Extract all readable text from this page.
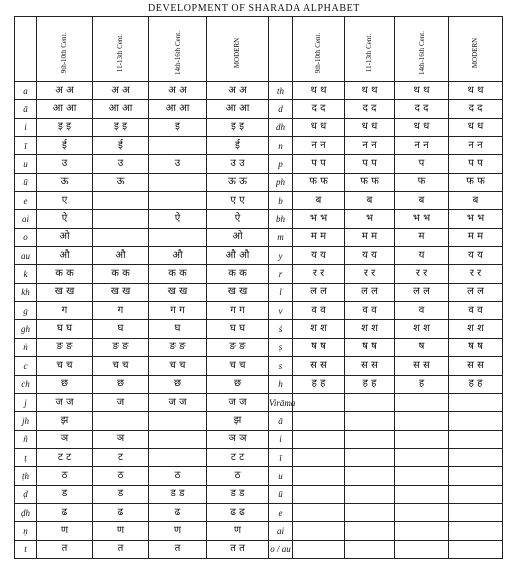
DEVELOPMENT OF SHARADA ALPHABET
	9th-10th Cent.	11-13th Cent.	14th-16th Cent.	MODERN		9th-10th Cent.	11-13th Cent.	14th-16th Cent.	MODERN
a	अ अ	अ अ	अ अ	अ अ	th	थ थ	थ थ	थ थ	थ थ
ā	आ आ	आ आ	आ आ	आ आ	d	द द	द द	द द	द द
i	इ इ	इ इ	इ	इ इ	dh	ध ध	ध ध	ध ध	ध ध
ī	ई	ई		ई	n	न न	न न	न न	न न
u	उ	उ	उ	उ उ	p	प प	प प	प	प प
ū	ऊ	ऊ		ऊ ऊ	ph	फ फ	फ फ	फ	फ फ
e	ए			ए ए	b	ब	ब	ब	ब
ai	ऐ		ऐ	ऐ	bh	भ भ	भ	भ भ	भ भ
o	ओ			ओ	m	म म	म म	म	म म
au	औ	औ	औ	औ औ	y	य य	य य	य	य य
k	क क	क क	क क	क क	r	र र	र र	र र	र र
kh	ख ख	ख ख	ख ख	ख ख	l	ल ल	ल ल	ल ल	ल ल
g	ग	ग	ग ग	ग ग	v	व व	व व	व	व व
gh	घ घ	घ	घ	घ घ	ś	श श	श श	श श	श श
ṅ	ङ ङ	ङ ङ	ङ ङ	ङ ङ	ṣ	ष ष	ष ष	ष	ष ष
c	च च	च च	च च	च च	s	स स	स स	स स	स स
ch	छ	छ	छ	छ	h	ह ह	ह ह	ह	ह ह
j	ज ज	ज	ज ज	ज ज	Virāma				
jh	झ			झ	ā				
ñ	ञ	ञ		ञ ञ	i				
ṭ	ट ट	ट		ट ट	ī				
ṭh	ठ	ठ	ठ	ठ	u				
ḍ	ड	ड	ड ड	ड ड	ū				
ḍh	ढ	ढ	ढ	ढ ढ	e				
ṇ	ण	ण	ण	ण	ai				
t	त	त	त	त त	o / au				
